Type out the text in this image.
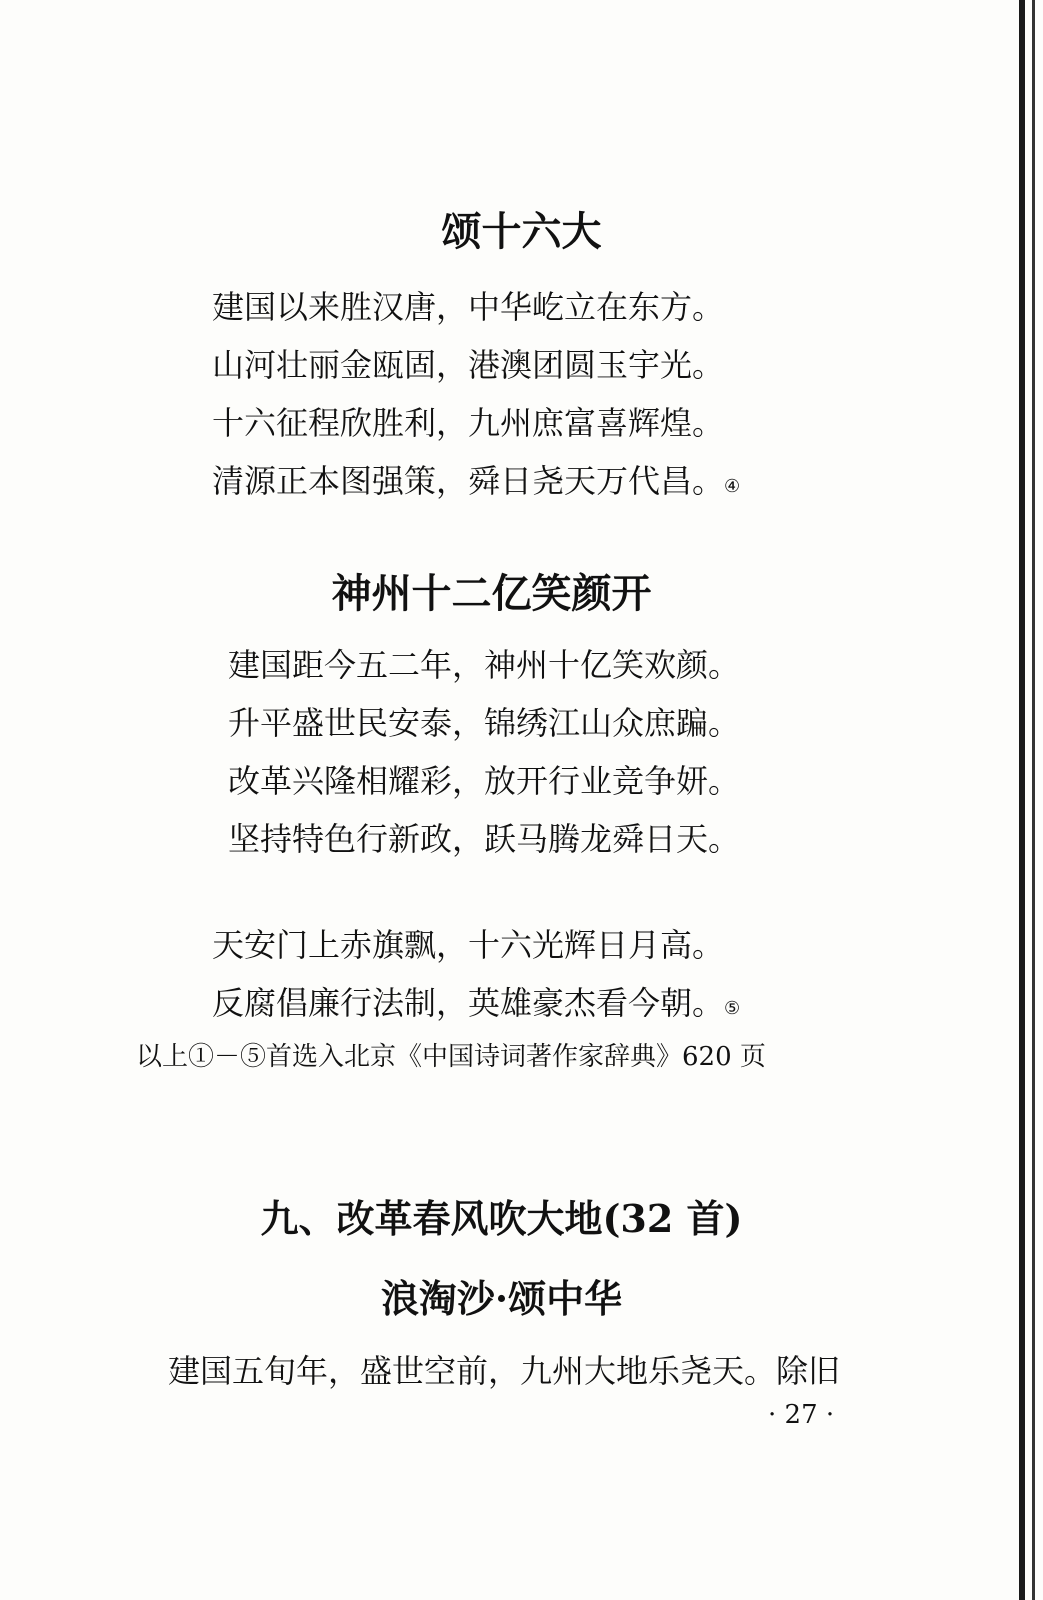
颂十六大
建国以来胜汉唐，中华屹立在东方。
山河壮丽金瓯固，港澳团圆玉宇光。
十六征程欣胜利，九州庶富喜辉煌。
清源正本图强策，舜日尧天万代昌。④
神州十二亿笑颜开
建国距今五二年，神州十亿笑欢颜。
升平盛世民安泰，锦绣江山众庶蹁。
改革兴隆相耀彩，放开行业竞争妍。
坚持特色行新政，跃马腾龙舜日天。
天安门上赤旗飘，十六光辉日月高。
反腐倡廉行法制，英雄豪杰看今朝。⑤
以上①－⑤首选入北京《中国诗词著作家辞典》620 页
九、改革春风吹大地(32 首)
浪淘沙·颂中华
建国五旬年，盛世空前，九州大地乐尧天。除旧
· 27 ·
